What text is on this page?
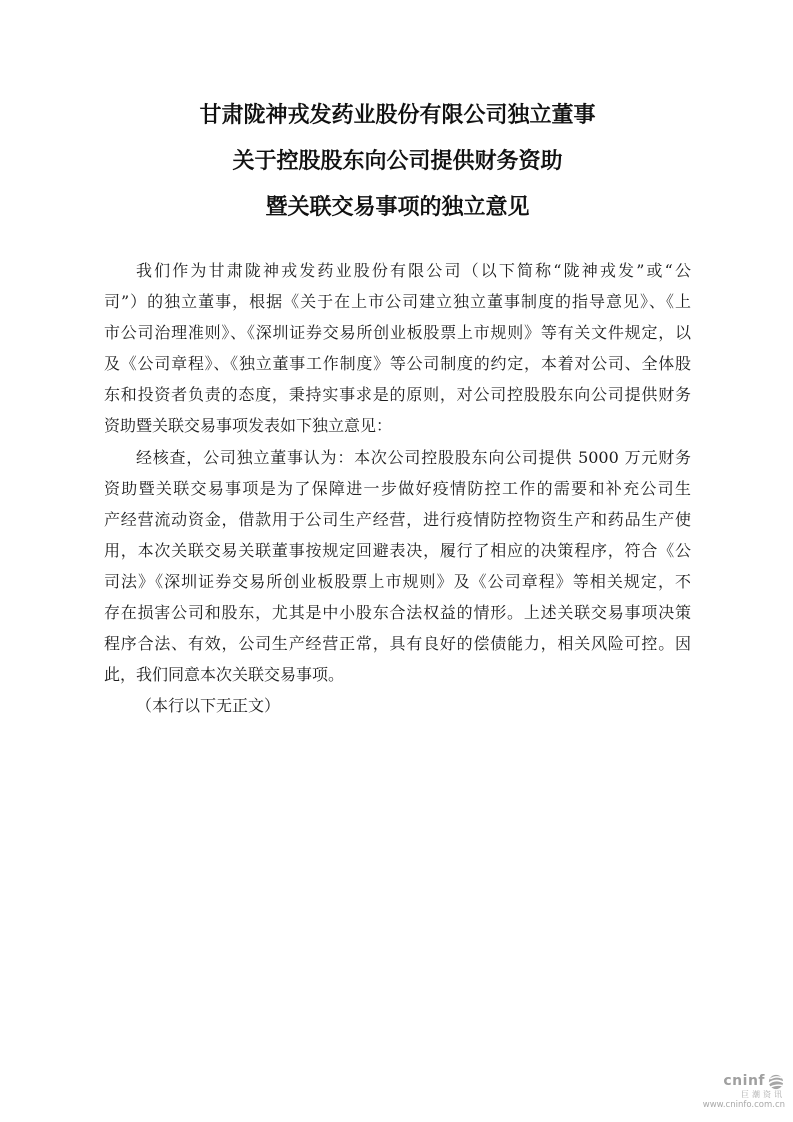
甘肃陇神戎发药业股份有限公司独立董事
关于控股股东向公司提供财务资助
暨关联交易事项的独立意见
我们作为甘肃陇神戎发药业股份有限公司（以下简称“陇神戎发”或“公
司”）的独立董事，根据《关于在上市公司建立独立董事制度的指导意见》、《上
市公司治理准则》、《深圳证券交易所创业板股票上市规则》等有关文件规定，以
及《公司章程》、《独立董事工作制度》等公司制度的约定，本着对公司、全体股
东和投资者负责的态度，秉持实事求是的原则，对公司控股股东向公司提供财务
资助暨关联交易事项发表如下独立意见：
经核查，公司独立董事认为：本次公司控股股东向公司提供 5000 万元财务
资助暨关联交易事项是为了保障进一步做好疫情防控工作的需要和补充公司生
产经营流动资金，借款用于公司生产经营，进行疫情防控物资生产和药品生产使
用，本次关联交易关联董事按规定回避表决，履行了相应的决策程序，符合《公
司法》《深圳证券交易所创业板股票上市规则》及《公司章程》等相关规定，不
存在损害公司和股东，尤其是中小股东合法权益的情形。上述关联交易事项决策
程序合法、有效，公司生产经营正常，具有良好的偿债能力，相关风险可控。因
此，我们同意本次关联交易事项。
（本行以下无正文）
cninf
巨潮资讯
www.cninfo.com.cn
